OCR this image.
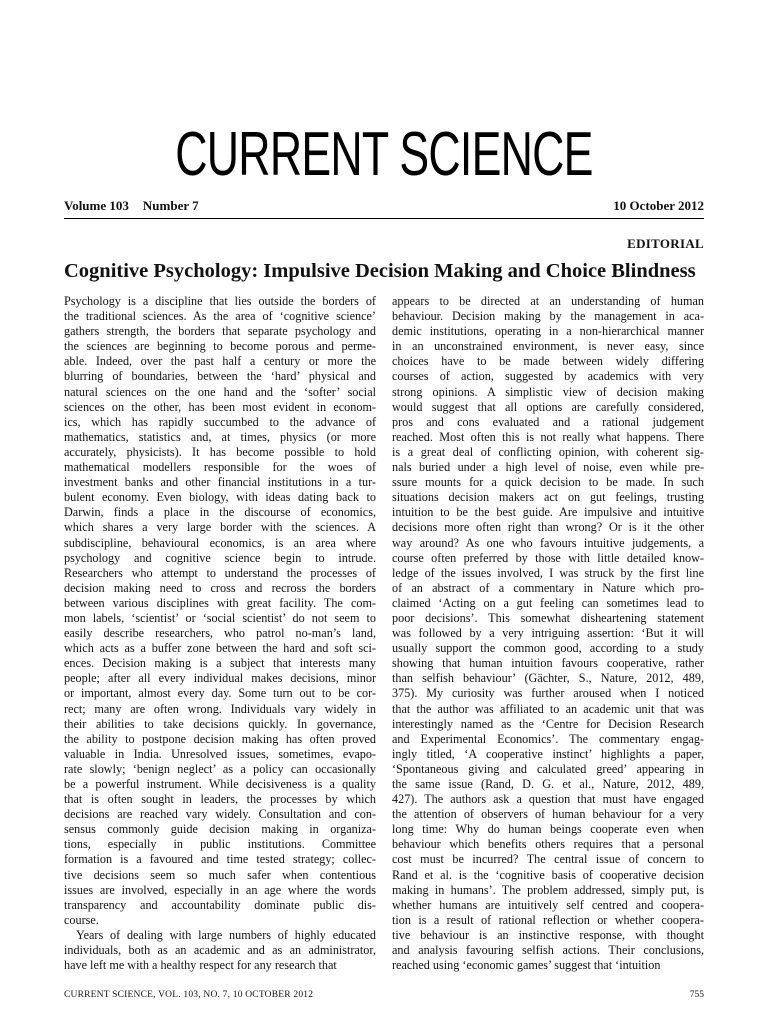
CURRENT SCIENCE
Volume 103 Number 7	10 October 2012
EDITORIAL
Cognitive Psychology: Impulsive Decision Making and Choice Blindness
Psychology is a discipline that lies outside the borders of
the traditional sciences. As the area of ‘cognitive science’
gathers strength, the borders that separate psychology and
the sciences are beginning to become porous and perme-
able. Indeed, over the past half a century or more the
blurring of boundaries, between the ‘hard’ physical and
natural sciences on the one hand and the ‘softer’ social
sciences on the other, has been most evident in econom-
ics, which has rapidly succumbed to the advance of
mathematics, statistics and, at times, physics (or more
accurately, physicists). It has become possible to hold
mathematical modellers responsible for the woes of
investment banks and other financial institutions in a tur-
bulent economy. Even biology, with ideas dating back to
Darwin, finds a place in the discourse of economics,
which shares a very large border with the sciences. A
subdiscipline, behavioural economics, is an area where
psychology and cognitive science begin to intrude.
Researchers who attempt to understand the processes of
decision making need to cross and recross the borders
between various disciplines with great facility. The com-
mon labels, ‘scientist’ or ‘social scientist’ do not seem to
easily describe researchers, who patrol no-man’s land,
which acts as a buffer zone between the hard and soft sci-
ences. Decision making is a subject that interests many
people; after all every individual makes decisions, minor
or important, almost every day. Some turn out to be cor-
rect; many are often wrong. Individuals vary widely in
their abilities to take decisions quickly. In governance,
the ability to postpone decision making has often proved
valuable in India. Unresolved issues, sometimes, evapo-
rate slowly; ‘benign neglect’ as a policy can occasionally
be a powerful instrument. While decisiveness is a quality
that is often sought in leaders, the processes by which
decisions are reached vary widely. Consultation and con-
sensus commonly guide decision making in organiza-
tions, especially in public institutions. Committee
formation is a favoured and time tested strategy; collec-
tive decisions seem so much safer when contentious
issues are involved, especially in an age where the words
transparency and accountability dominate public dis-
course.
Years of dealing with large numbers of highly educated
individuals, both as an academic and as an administrator,
have left me with a healthy respect for any research that
appears to be directed at an understanding of human
behaviour. Decision making by the management in aca-
demic institutions, operating in a non-hierarchical manner
in an unconstrained environment, is never easy, since
choices have to be made between widely differing
courses of action, suggested by academics with very
strong opinions. A simplistic view of decision making
would suggest that all options are carefully considered,
pros and cons evaluated and a rational judgement
reached. Most often this is not really what happens. There
is a great deal of conflicting opinion, with coherent sig-
nals buried under a high level of noise, even while pre-
ssure mounts for a quick decision to be made. In such
situations decision makers act on gut feelings, trusting
intuition to be the best guide. Are impulsive and intuitive
decisions more often right than wrong? Or is it the other
way around? As one who favours intuitive judgements, a
course often preferred by those with little detailed know-
ledge of the issues involved, I was struck by the first line
of an abstract of a commentary in Nature which pro-
claimed ‘Acting on a gut feeling can sometimes lead to
poor decisions’. This somewhat disheartening statement
was followed by a very intriguing assertion: ‘But it will
usually support the common good, according to a study
showing that human intuition favours cooperative, rather
than selfish behaviour’ (Gächter, S., Nature, 2012, 489,
375). My curiosity was further aroused when I noticed
that the author was affiliated to an academic unit that was
interestingly named as the ‘Centre for Decision Research
and Experimental Economics’. The commentary engag-
ingly titled, ‘A cooperative instinct’ highlights a paper,
‘Spontaneous giving and calculated greed’ appearing in
the same issue (Rand, D. G. et al., Nature, 2012, 489,
427). The authors ask a question that must have engaged
the attention of observers of human behaviour for a very
long time: Why do human beings cooperate even when
behaviour which benefits others requires that a personal
cost must be incurred? The central issue of concern to
Rand et al. is the ‘cognitive basis of cooperative decision
making in humans’. The problem addressed, simply put, is
whether humans are intuitively self centred and coopera-
tion is a result of rational reflection or whether coopera-
tive behaviour is an instinctive response, with thought
and analysis favouring selfish actions. Their conclusions,
reached using ‘economic games’ suggest that ‘intuition
CURRENT SCIENCE, VOL. 103, NO. 7, 10 OCTOBER 2012	755
